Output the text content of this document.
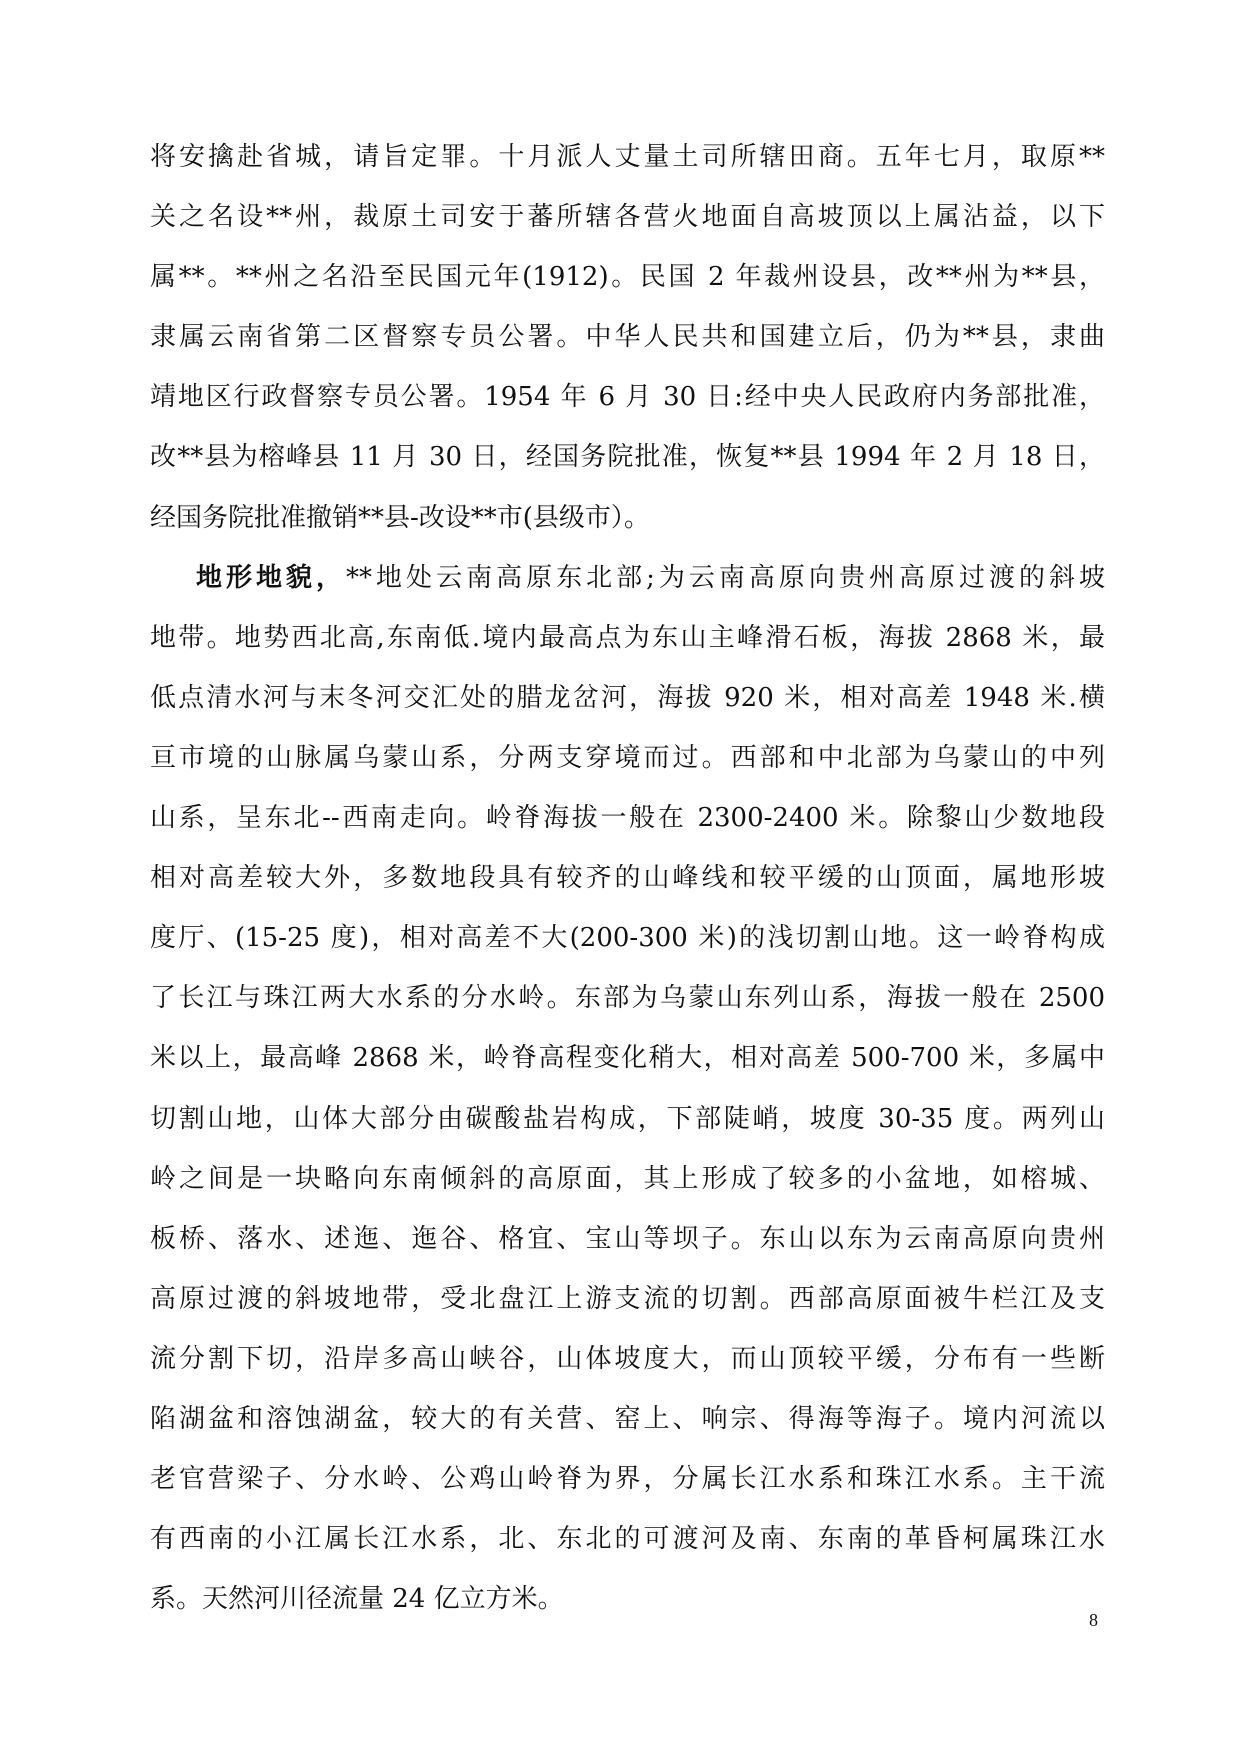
将安擒赴省城，请旨定罪。十月派人丈量土司所辖田商。五年七月，取原**
关之名设**州，裁原土司安于蕃所辖各营火地面自高坡顶以上属沾益，以下
属**。**州之名沿至民国元年(1912)。民国 2 年裁州设县，改**州为**县，
隶属云南省第二区督察专员公署。中华人民共和国建立后，仍为**县，隶曲
靖地区行政督察专员公署。1954 年 6 月 30 日:经中央人民政府内务部批准，
改**县为榕峰县 11 月 30 日，经国务院批准，恢复**县 1994 年 2 月 18 日，
经国务院批准撤销**县-改设**市(县级市）。
地形地貌，**地处云南高原东北部;为云南高原向贵州高原过渡的斜坡
地带。地势西北高,东南低.境内最高点为东山主峰滑石板，海拔 2868 米，最
低点清水河与末冬河交汇处的腊龙岔河，海拔 920 米，相对高差 1948 米.横
亘市境的山脉属乌蒙山系，分两支穿境而过。西部和中北部为乌蒙山的中列
山系，呈东北--西南走向。岭脊海拔一般在 2300-2400 米。除黎山少数地段
相对高差较大外，多数地段具有较齐的山峰线和较平缓的山顶面，属地形坡
度厅、(15-25 度)，相对高差不大(200-300 米)的浅切割山地。这一岭脊构成
了长江与珠江两大水系的分水岭。东部为乌蒙山东列山系，海拔一般在 2500
米以上，最高峰 2868 米，岭脊高程变化稍大，相对高差 500-700 米，多属中
切割山地，山体大部分由碳酸盐岩构成，下部陡峭，坡度 30-35 度。两列山
岭之间是一块略向东南倾斜的高原面，其上形成了较多的小盆地，如榕城、
板桥、落水、述迤、迤谷、格宜、宝山等坝子。东山以东为云南高原向贵州
高原过渡的斜坡地带，受北盘江上游支流的切割。西部高原面被牛栏江及支
流分割下切，沿岸多高山峡谷，山体坡度大，而山顶较平缓，分布有一些断
陷湖盆和溶蚀湖盆，较大的有关营、窑上、响宗、得海等海子。境内河流以
老官营梁子、分水岭、公鸡山岭脊为界，分属长江水系和珠江水系。主干流
有西南的小江属长江水系，北、东北的可渡河及南、东南的革昏柯属珠江水
系。天然河川径流量 24 亿立方米。
8
